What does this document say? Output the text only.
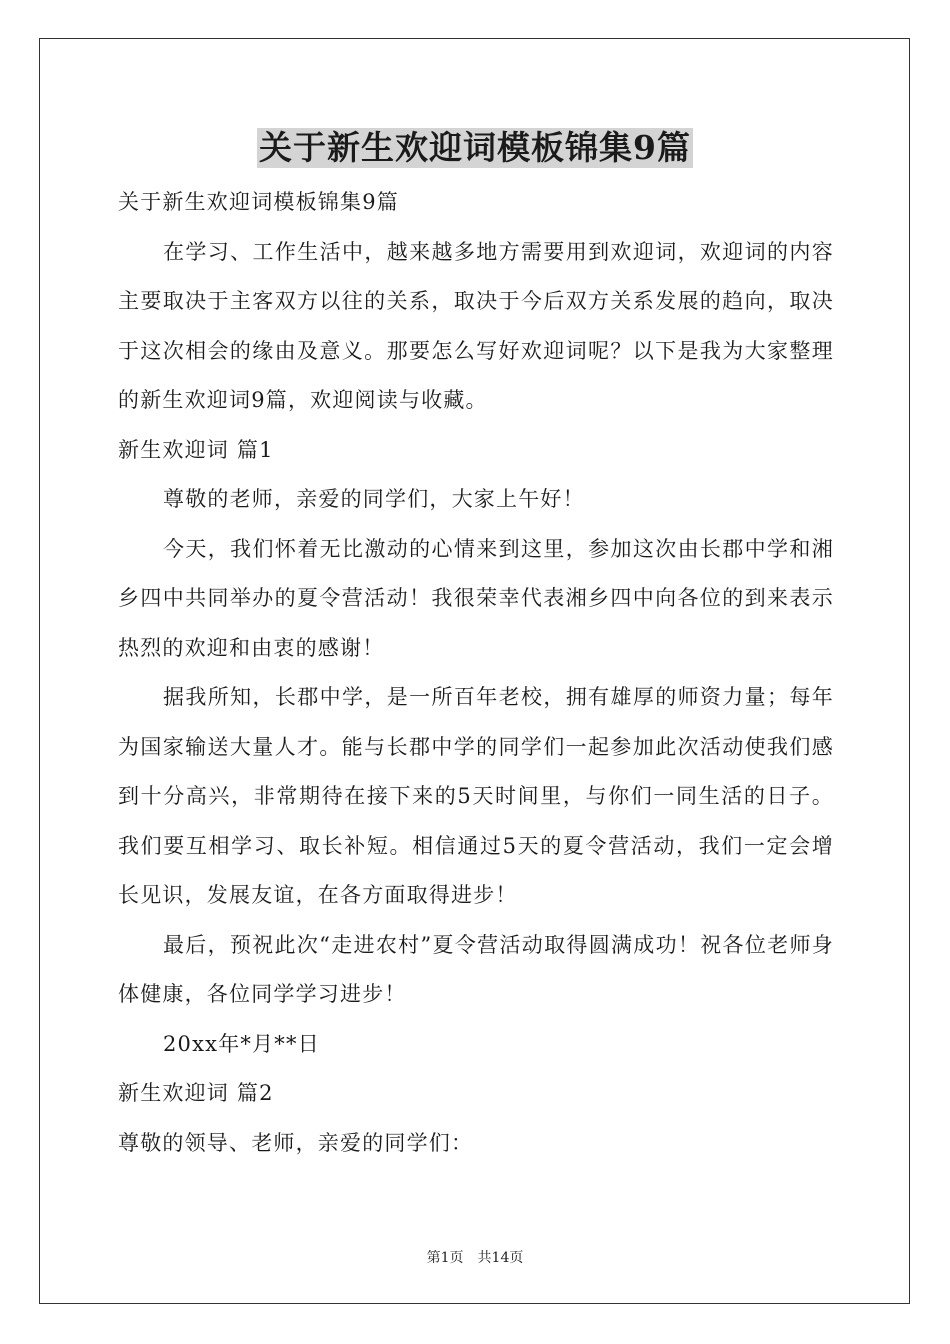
关于新生欢迎词模板锦集9篇
关于新生欢迎词模板锦集9篇
在学习、工作生活中，越来越多地方需要用到欢迎词，欢迎词的内容主要取决于主客双方以往的关系，取决于今后双方关系发展的趋向，取决于这次相会的缘由及意义。那要怎么写好欢迎词呢？以下是我为大家整理的新生欢迎词9篇，欢迎阅读与收藏。
新生欢迎词 篇1
尊敬的老师，亲爱的同学们，大家上午好！
今天，我们怀着无比激动的心情来到这里，参加这次由长郡中学和湘乡四中共同举办的夏令营活动！我很荣幸代表湘乡四中向各位的到来表示热烈的欢迎和由衷的感谢！
据我所知，长郡中学，是一所百年老校，拥有雄厚的师资力量；每年为国家输送大量人才。能与长郡中学的同学们一起参加此次活动使我们感到十分高兴，非常期待在接下来的5天时间里，与你们一同生活的日子。我们要互相学习、取长补短。相信通过5天的夏令营活动，我们一定会增长见识，发展友谊，在各方面取得进步！
最后，预祝此次“走进农村”夏令营活动取得圆满成功！祝各位老师身体健康，各位同学学习进步！
20xx年*月**日
新生欢迎词 篇2
尊敬的领导、老师，亲爱的同学们：
第1页　共14页
